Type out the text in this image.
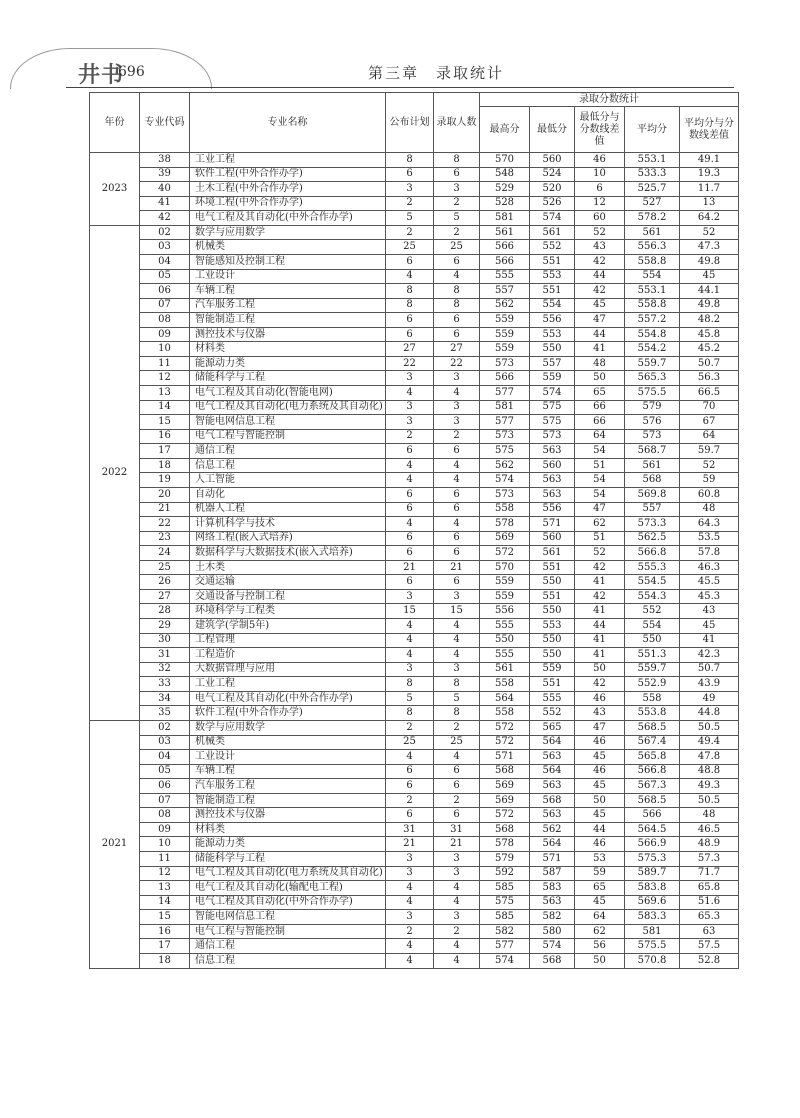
井书
696	第三章　录取统计
年份	专业代码	专业名称	公布计划	录取人数	录取分数统计				
					最高分	最低分	最低分与分数线差值	平均分	平均分与分数线差值
2023	38	工业工程	8	8	570	560	46	553.1	49.1
	39	软件工程(中外合作办学)	6	6	548	524	10	533.3	19.3
	40	土木工程(中外合作办学)	3	3	529	520	6	525.7	11.7
	41	环境工程(中外合作办学)	2	2	528	526	12	527	13
	42	电气工程及其自动化(中外合作办学)	5	5	581	574	60	578.2	64.2
2022	02	数学与应用数学	2	2	561	561	52	561	52
	03	机械类	25	25	566	552	43	556.3	47.3
	04	智能感知及控制工程	6	6	566	551	42	558.8	49.8
	05	工业设计	4	4	555	553	44	554	45
	06	车辆工程	8	8	557	551	42	553.1	44.1
	07	汽车服务工程	8	8	562	554	45	558.8	49.8
	08	智能制造工程	6	6	559	556	47	557.2	48.2
	09	测控技术与仪器	6	6	559	553	44	554.8	45.8
	10	材料类	27	27	559	550	41	554.2	45.2
	11	能源动力类	22	22	573	557	48	559.7	50.7
	12	储能科学与工程	3	3	566	559	50	565.3	56.3
	13	电气工程及其自动化(智能电网)	4	4	577	574	65	575.5	66.5
	14	电气工程及其自动化(电力系统及其自动化)	3	3	581	575	66	579	70
	15	智能电网信息工程	3	3	577	575	66	576	67
	16	电气工程与智能控制	2	2	573	573	64	573	64
	17	通信工程	6	6	575	563	54	568.7	59.7
	18	信息工程	4	4	562	560	51	561	52
	19	人工智能	4	4	574	563	54	568	59
	20	自动化	6	6	573	563	54	569.8	60.8
	21	机器人工程	6	6	558	556	47	557	48
	22	计算机科学与技术	4	4	578	571	62	573.3	64.3
	23	网络工程(嵌入式培养)	6	6	569	560	51	562.5	53.5
	24	数据科学与大数据技术(嵌入式培养)	6	6	572	561	52	566.8	57.8
	25	土木类	21	21	570	551	42	555.3	46.3
	26	交通运输	6	6	559	550	41	554.5	45.5
	27	交通设备与控制工程	3	3	559	551	42	554.3	45.3
	28	环境科学与工程类	15	15	556	550	41	552	43
	29	建筑学(学制5年)	4	4	555	553	44	554	45
	30	工程管理	4	4	550	550	41	550	41
	31	工程造价	4	4	555	550	41	551.3	42.3
	32	大数据管理与应用	3	3	561	559	50	559.7	50.7
	33	工业工程	8	8	558	551	42	552.9	43.9
	34	电气工程及其自动化(中外合作办学)	5	5	564	555	46	558	49
	35	软件工程(中外合作办学)	8	8	558	552	43	553.8	44.8
2021	02	数学与应用数学	2	2	572	565	47	568.5	50.5
	03	机械类	25	25	572	564	46	567.4	49.4
	04	工业设计	4	4	571	563	45	565.8	47.8
	05	车辆工程	6	6	568	564	46	566.8	48.8
	06	汽车服务工程	6	6	569	563	45	567.3	49.3
	07	智能制造工程	2	2	569	568	50	568.5	50.5
	08	测控技术与仪器	6	6	572	563	45	566	48
	09	材料类	31	31	568	562	44	564.5	46.5
	10	能源动力类	21	21	578	564	46	566.9	48.9
	11	储能科学与工程	3	3	579	571	53	575.3	57.3
	12	电气工程及其自动化(电力系统及其自动化)	3	3	592	587	59	589.7	71.7
	13	电气工程及其自动化(输配电工程)	4	4	585	583	65	583.8	65.8
	14	电气工程及其自动化(中外合作办学)	4	4	575	563	45	569.6	51.6
	15	智能电网信息工程	3	3	585	582	64	583.3	65.3
	16	电气工程与智能控制	2	2	582	580	62	581	63
	17	通信工程	4	4	577	574	56	575.5	57.5
	18	信息工程	4	4	574	568	50	570.8	52.8
